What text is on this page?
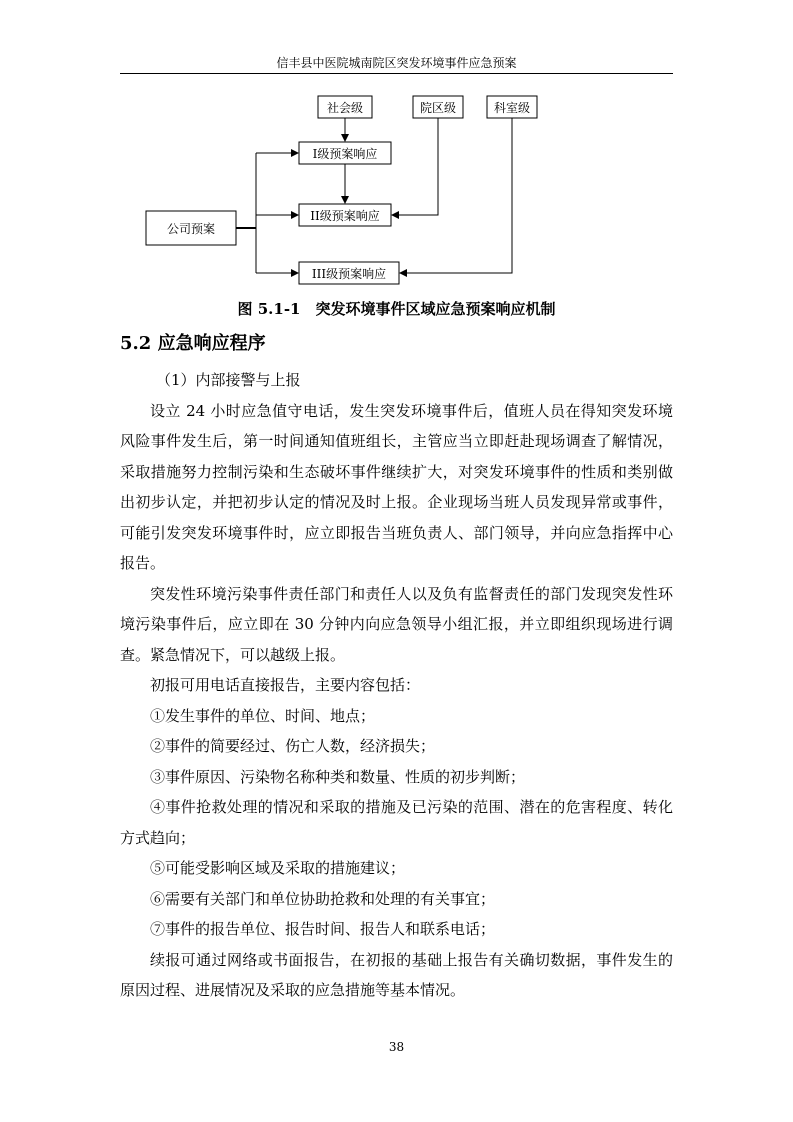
信丰县中医院城南院区突发环境事件应急预案
社会级	院区级	科室级
公司预案
I级预案响应
II级预案响应
III级预案响应
图 5.1-1　突发环境事件区域应急预案响应机制
5.2 应急响应程序

（1）内部接警与上报

设立 24 小时应急值守电话，发生突发环境事件后，值班人员在得知突发环境风险事件发生后，第一时间通知值班组长，主管应当立即赶赴现场调查了解情况，采取措施努力控制污染和生态破坏事件继续扩大，对突发环境事件的性质和类别做出初步认定，并把初步认定的情况及时上报。企业现场当班人员发现异常或事件，可能引发突发环境事件时，应立即报告当班负责人、部门领导，并向应急指挥中心报告。

突发性环境污染事件责任部门和责任人以及负有监督责任的部门发现突发性环境污染事件后，应立即在 30 分钟内向应急领导小组汇报，并立即组织现场进行调查。紧急情况下，可以越级上报。

初报可用电话直接报告，主要内容包括：

①发生事件的单位、时间、地点；

②事件的简要经过、伤亡人数，经济损失；

③事件原因、污染物名称种类和数量、性质的初步判断；

④事件抢救处理的情况和采取的措施及已污染的范围、潜在的危害程度、转化方式趋向；

⑤可能受影响区域及采取的措施建议；

⑥需要有关部门和单位协助抢救和处理的有关事宜；

⑦事件的报告单位、报告时间、报告人和联系电话；

续报可通过网络或书面报告，在初报的基础上报告有关确切数据，事件发生的原因过程、进展情况及采取的应急措施等基本情况。

38
